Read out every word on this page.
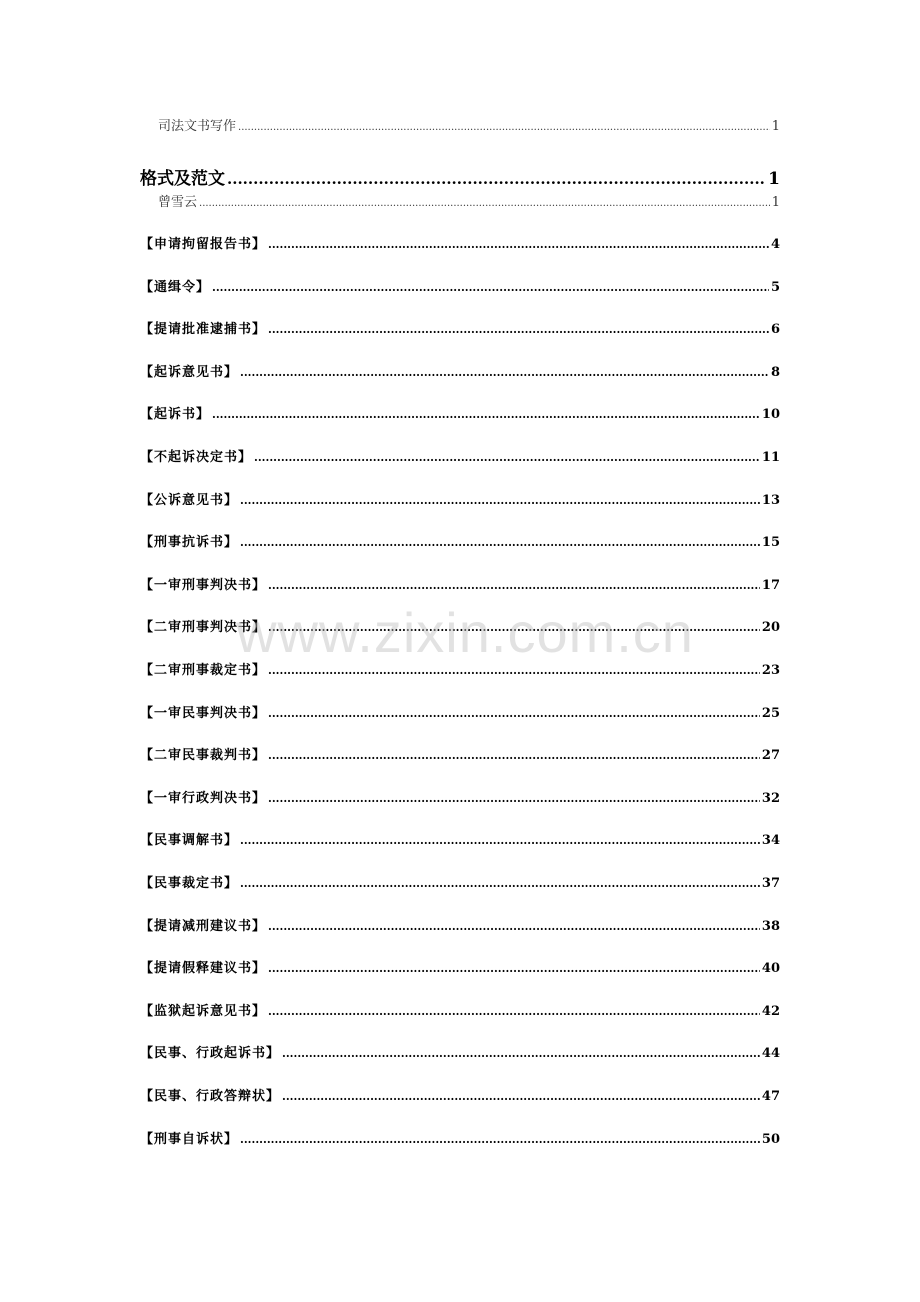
司法文书写作 .....	1
格式及范文 .....	1
曾雪云 .....	1
【申请拘留报告书】 .....	4
【通缉令】 .....	5
【提请批准逮捕书】 .....	6
【起诉意见书】 .....	8
【起诉书】 .....	10
【不起诉决定书】 .....	11
【公诉意见书】 .....	13
【刑事抗诉书】 .....	15
【一审刑事判决书】 .....	17
【二审刑事判决书】 .....	20
【二审刑事裁定书】 .....	23
【一审民事判决书】 .....	25
【二审民事裁判书】 .....	27
【一审行政判决书】 .....	32
【民事调解书】 .....	34
【民事裁定书】 .....	37
【提请减刑建议书】 .....	38
【提请假释建议书】 .....	40
【监狱起诉意见书】 .....	42
【民事、行政起诉书】 .....	44
【民事、行政答辩状】 .....	47
【刑事自诉状】 .....	50
www.zixin.com.cn
